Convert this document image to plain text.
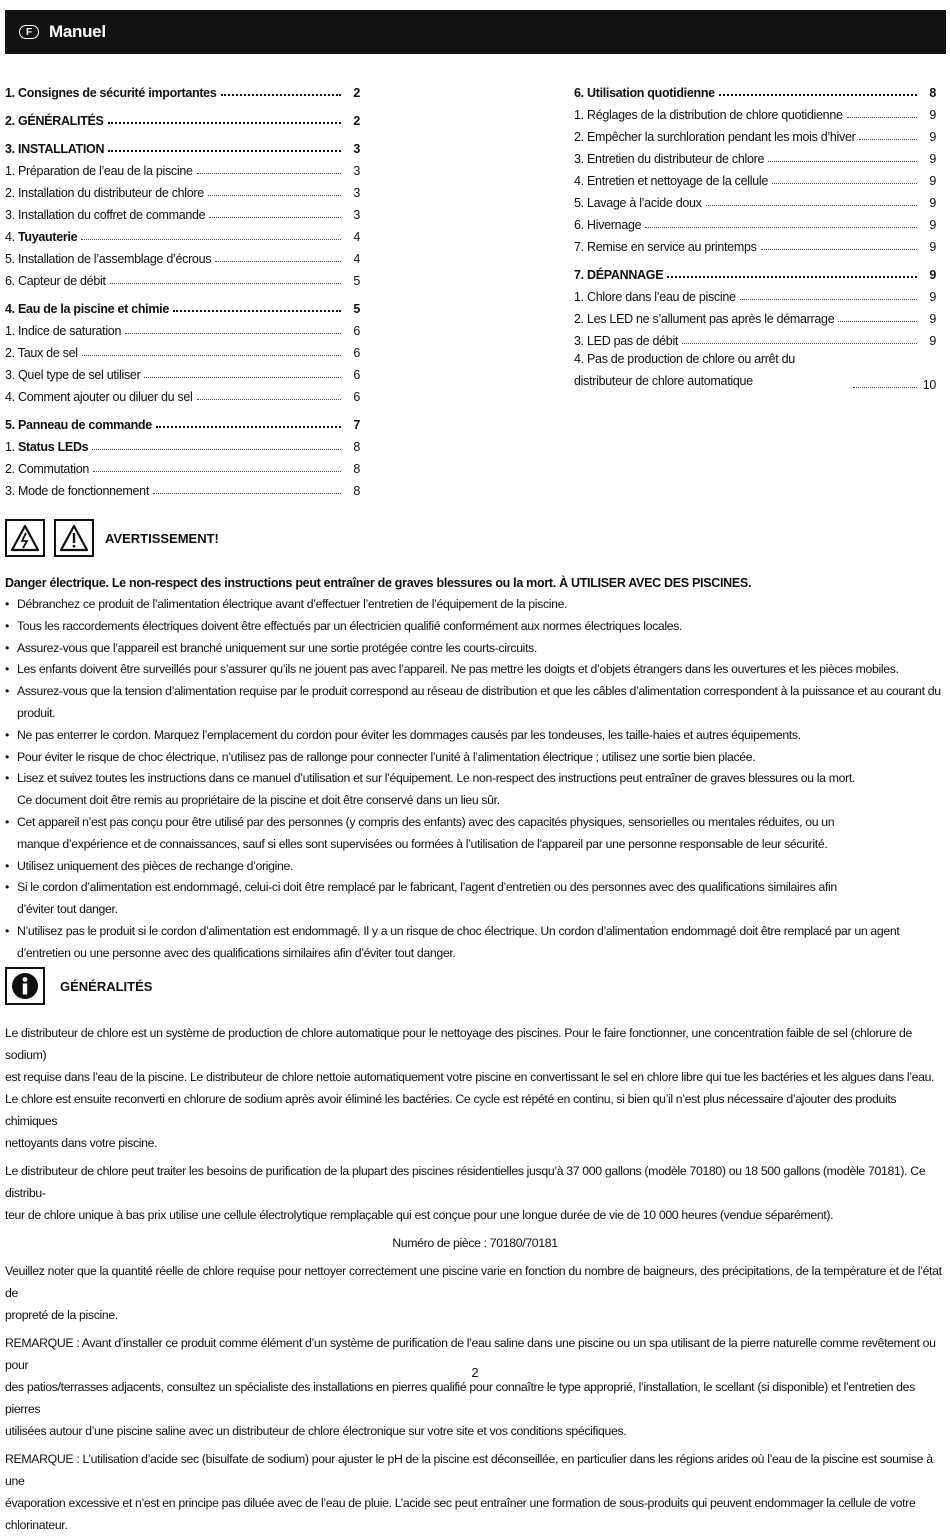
F Manuel
1. Consignes de sécurité importantes	2
2. GÉNÉRALITÉS	2
3. INSTALLATION	3
1. Préparation de l’eau de la piscine	3
2. Installation du distributeur de chlore	3
3. Installation du coffret de commande	3
4. Tuyauterie	4
5. Installation de l’assemblage d’écrous	4
6. Capteur de débit	5
4. Eau de la piscine et chimie	5
1. Indice de saturation	6
2. Taux de sel	6
3. Quel type de sel utiliser	6
4. Comment ajouter ou diluer du sel	6
5. Panneau de commande	7
1. Status LEDs	8
2. Commutation	8
3. Mode de fonctionnement	8
6. Utilisation quotidienne	8
1. Réglages de la distribution de chlore quotidienne	9
2. Empêcher la surchloration pendant les mois d’hiver	9
3. Entretien du distributeur de chlore	9
4. Entretien et nettoyage de la cellule	9
5. Lavage à l’acide doux	9
6. Hivernage	9
7. Remise en service au printemps	9
7. DÉPANNAGE	9
1. Chlore dans l’eau de piscine	9
2. Les LED ne s’allument pas après le démarrage	9
3. LED pas de débit	9
4. Pas de production de chlore ou arrêt du distributeur de chlore automatique	10
AVERTISSEMENT!
Danger électrique. Le non-respect des instructions peut entraîner de graves blessures ou la mort. À UTILISER AVEC DES PISCINES.
• Débranchez ce produit de l’alimentation électrique avant d’effectuer l’entretien de l’équipement de la piscine.
• Tous les raccordements électriques doivent être effectués par un électricien qualifié conformément aux normes électriques locales.
• Assurez-vous que l’appareil est branché uniquement sur une sortie protégée contre les courts-circuits.
• Les enfants doivent être surveillés pour s’assurer qu’ils ne jouent pas avec l’appareil. Ne pas mettre les doigts et d’objets étrangers dans les ouvertures et les pièces mobiles.
• Assurez-vous que la tension d’alimentation requise par le produit correspond au réseau de distribution et que les câbles d’alimentation correspondent à la puissance et au courant du produit.
• Ne pas enterrer le cordon. Marquez l’emplacement du cordon pour éviter les dommages causés par les tondeuses, les taille-haies et autres équipements.
• Pour éviter le risque de choc électrique, n’utilisez pas de rallonge pour connecter l’unité à l’alimentation électrique ; utilisez une sortie bien placée.
• Lisez et suivez toutes les instructions dans ce manuel d’utilisation et sur l’équipement. Le non-respect des instructions peut entraîner de graves blessures ou la mort.
Ce document doit être remis au propriétaire de la piscine et doit être conservé dans un lieu sûr.
• Cet appareil n’est pas conçu pour être utilisé par des personnes (y compris des enfants) avec des capacités physiques, sensorielles ou mentales réduites, ou un
manque d’expérience et de connaissances, sauf si elles sont supervisées ou formées à l’utilisation de l’appareil par une personne responsable de leur sécurité.
• Utilisez uniquement des pièces de rechange d’origine.
• Si le cordon d’alimentation est endommagé, celui-ci doit être remplacé par le fabricant, l’agent d’entretien ou des personnes avec des qualifications similaires afin
d’éviter tout danger.
• N’utilisez pas le produit si le cordon d’alimentation est endommagé. Il y a un risque de choc électrique. Un cordon d’alimentation endommagé doit être remplacé par un agent
d’entretien ou une personne avec des qualifications similaires afin d’éviter tout danger.
GÉNÉRALITÉS
Le distributeur de chlore est un système de production de chlore automatique pour le nettoyage des piscines. Pour le faire fonctionner, une concentration faible de sel (chlorure de sodium)
est requise dans l’eau de la piscine. Le distributeur de chlore nettoie automatiquement votre piscine en convertissant le sel en chlore libre qui tue les bactéries et les algues dans l’eau.
Le chlore est ensuite reconverti en chlorure de sodium après avoir éliminé les bactéries. Ce cycle est répété en continu, si bien qu’il n’est plus nécessaire d’ajouter des produits chimiques
nettoyants dans votre piscine.
Le distributeur de chlore peut traiter les besoins de purification de la plupart des piscines résidentielles jusqu’à 37 000 gallons (modèle 70180) ou 18 500 gallons (modèle 70181). Ce distribu-
teur de chlore unique à bas prix utilise une cellule électrolytique remplaçable qui est conçue pour une longue durée de vie de 10 000 heures (vendue séparément).
Numéro de pièce : 70180/70181
Veuillez noter que la quantité réelle de chlore requise pour nettoyer correctement une piscine varie en fonction du nombre de baigneurs, des précipitations, de la température et de l’état de
propreté de la piscine.
REMARQUE : Avant d’installer ce produit comme élément d’un système de purification de l’eau saline dans une piscine ou un spa utilisant de la pierre naturelle comme revêtement ou pour
des patios/terrasses adjacents, consultez un spécialiste des installations en pierres qualifié pour connaître le type approprié, l’installation, le scellant (si disponible) et l’entretien des pierres
utilisées autour d’une piscine saline avec un distributeur de chlore électronique sur votre site et vos conditions spécifiques.
REMARQUE : L’utilisation d’acide sec (bisulfate de sodium) pour ajuster le pH de la piscine est déconseillée, en particulier dans les régions arides où l’eau de la piscine est soumise à une
évaporation excessive et n’est en principe pas diluée avec de l’eau de pluie. L’acide sec peut entraîner une formation de sous-produits qui peuvent endommager la cellule de votre chlorinateur.
2
